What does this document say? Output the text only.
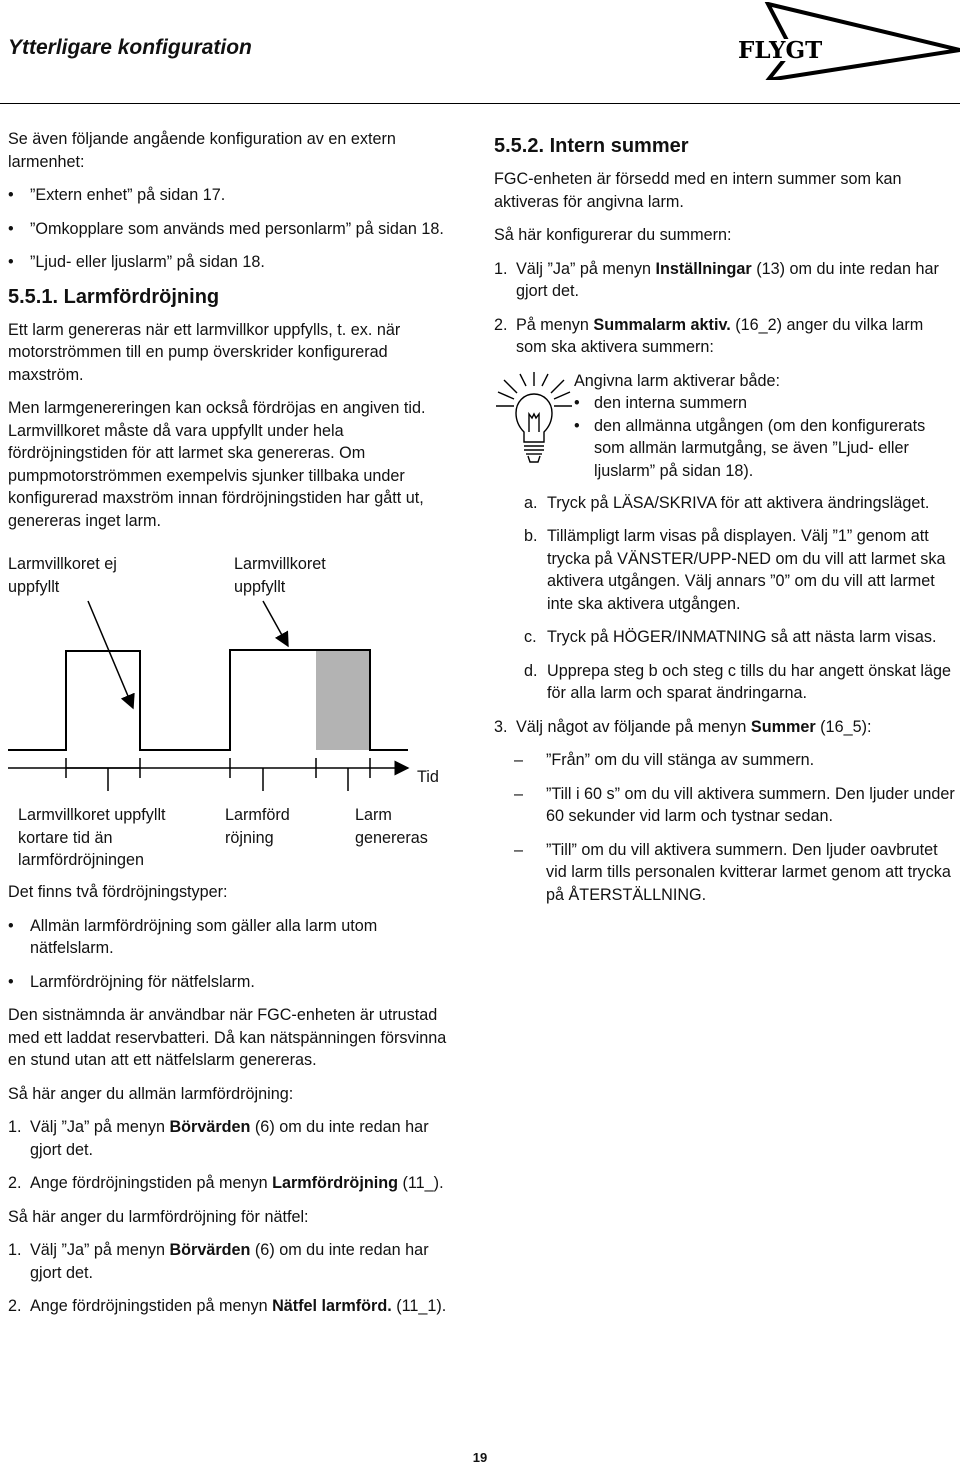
Ytterligare konfiguration	FLYGT

Se även följande angående konfiguration av en extern larmenhet:

• ”Extern enhet” på sidan 17.
• ”Omkopplare som används med personlarm” på sidan 18.
• ”Ljud- eller ljuslarm” på sidan 18.
5.5.1. Larmfördröjning

Ett larm genereras när ett larmvillkor uppfylls, t. ex. när motorströmmen till en pump överskrider konfigurerad maxström.

Men larmgenereringen kan också fördröjas en angiven tid. Larmvillkoret måste då vara uppfyllt under hela fördröjningstiden för att larmet ska genereras. Om pumpmotorströmmen exempelvis sjunker tillbaka under konfigurerad maxström innan fördröjningstiden har gått ut, genereras inget larm.

Larmvillkoret ej uppfyllt
Larmvillkoret uppfyllt
Tid
Larmvillkoret uppfyllt kortare tid än larmfördröjningen
Larmförd röjning
Larm genereras

Det finns två fördröjningstyper:

• Allmän larmfördröjning som gäller alla larm utom nätfelslarm.
• Larmfördröjning för nätfelslarm.

Den sistnämnda är användbar när FGC-enheten är utrustad med ett laddat reservbatteri. Då kan nätspänningen försvinna en stund utan att ett nätfelslarm genereras.

Så här anger du allmän larmfördröjning:

1. Välj ”Ja” på menyn Börvärden (6) om du inte redan har gjort det.
2. Ange fördröjningstiden på menyn Larmfördröjning (11_).

Så här anger du larmfördröjning för nätfel:

1. Välj ”Ja” på menyn Börvärden (6) om du inte redan har gjort det.
2. Ange fördröjningstiden på menyn Nätfel larmförd. (11_1).
5.5.2. Intern summer

FGC-enheten är försedd med en intern summer som kan aktiveras för angivna larm.

Så här konfigurerar du summern:

1. Välj ”Ja” på menyn Inställningar (13) om du inte redan har gjort det.
2. På menyn Summalarm aktiv. (16_2) anger du vilka larm som ska aktivera summern:
Angivna larm aktiverar både:
• den interna summern
• den allmänna utgången (om den konfigurerats som allmän larmutgång, se även ”Ljud- eller ljuslarm” på sidan 18).
a. Tryck på LÄSA/SKRIVA för att aktivera ändringsläget.
b. Tillämpligt larm visas på displayen. Välj ”1” genom att trycka på VÄNSTER/UPP-NED om du vill att larmet ska aktivera utgången. Välj annars ”0” om du vill att larmet inte ska aktivera utgången.
c. Tryck på HÖGER/INMATNING så att nästa larm visas.
d. Upprepa steg b och steg c tills du har angett önskat läge för alla larm och sparat ändringarna.
3. Välj något av följande på menyn Summer (16_5):
– ”Från” om du vill stänga av summern.
– ”Till i 60 s” om du vill aktivera summern. Den ljuder under 60 sekunder vid larm och tystnar sedan.
– ”Till” om du vill aktivera summern. Den ljuder oavbrutet vid larm tills personalen kvitterar larmet genom att trycka på ÅTERSTÄLLNING.
19
